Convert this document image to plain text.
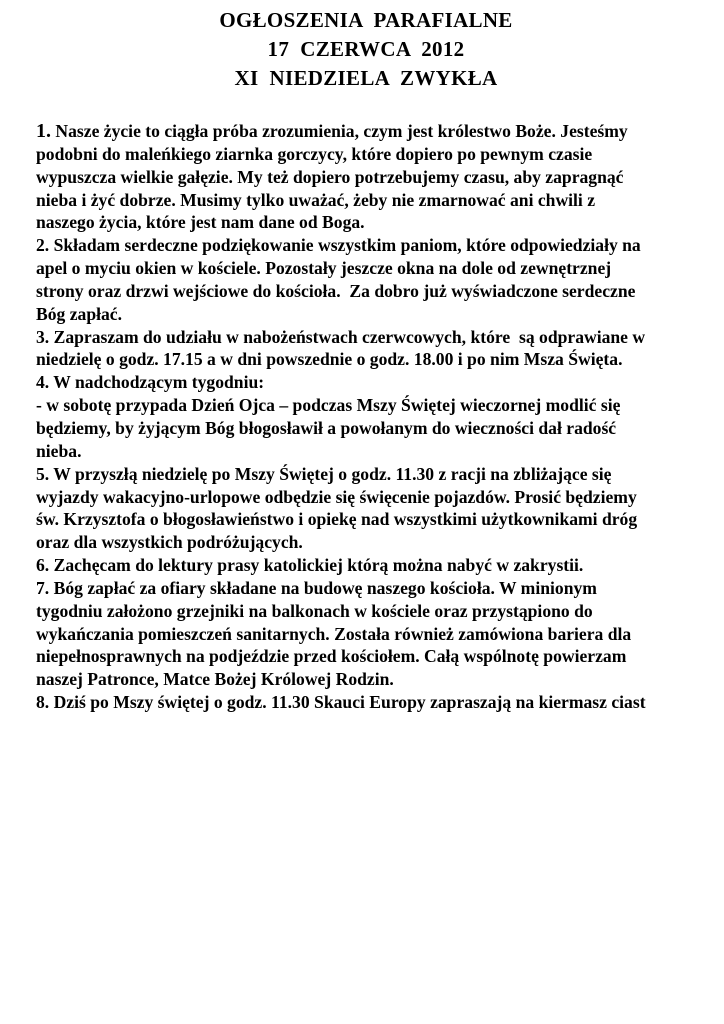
OGŁOSZENIA  PARAFIALNE
17  CZERWCA  2012
XI  NIEDZIELA  ZWYKŁA
1. Nasze życie to ciągła próba zrozumienia, czym jest królestwo Boże. Jesteśmy
podobni do maleńkiego ziarnka gorczycy, które dopiero po pewnym czasie
wypuszcza wielkie gałęzie. My też dopiero potrzebujemy czasu, aby zapragnąć
nieba i żyć dobrze. Musimy tylko uważać, żeby nie zmarnować ani chwili z
naszego życia, które jest nam dane od Boga.
2. Składam serdeczne podziękowanie wszystkim paniom, które odpowiedziały na
apel o myciu okien w kościele. Pozostały jeszcze okna na dole od zewnętrznej
strony oraz drzwi wejściowe do kościoła.  Za dobro już wyświadczone serdeczne
Bóg zapłać.
3. Zapraszam do udziału w nabożeństwach czerwcowych, które  są odprawiane w
niedzielę o godz. 17.15 a w dni powszednie o godz. 18.00 i po nim Msza Święta.
4. W nadchodzącym tygodniu:
- w sobotę przypada Dzień Ojca – podczas Mszy Świętej wieczornej modlić się
będziemy, by żyjącym Bóg błogosławił a powołanym do wieczności dał radość
nieba.
5. W przyszłą niedzielę po Mszy Świętej o godz. 11.30 z racji na zbliżające się
wyjazdy wakacyjno-urlopowe odbędzie się święcenie pojazdów. Prosić będziemy
św. Krzysztofa o błogosławieństwo i opiekę nad wszystkimi użytkownikami dróg
oraz dla wszystkich podróżujących.
6. Zachęcam do lektury prasy katolickiej którą można nabyć w zakrystii.
7. Bóg zapłać za ofiary składane na budowę naszego kościoła. W minionym
tygodniu założono grzejniki na balkonach w kościele oraz przystąpiono do
wykańczania pomieszczeń sanitarnych. Została również zamówiona bariera dla
niepełnosprawnych na podjeździe przed kościołem. Całą wspólnotę powierzam
naszej Patronce, Matce Bożej Królowej Rodzin.
8. Dziś po Mszy świętej o godz. 11.30 Skauci Europy zapraszają na kiermasz ciast
